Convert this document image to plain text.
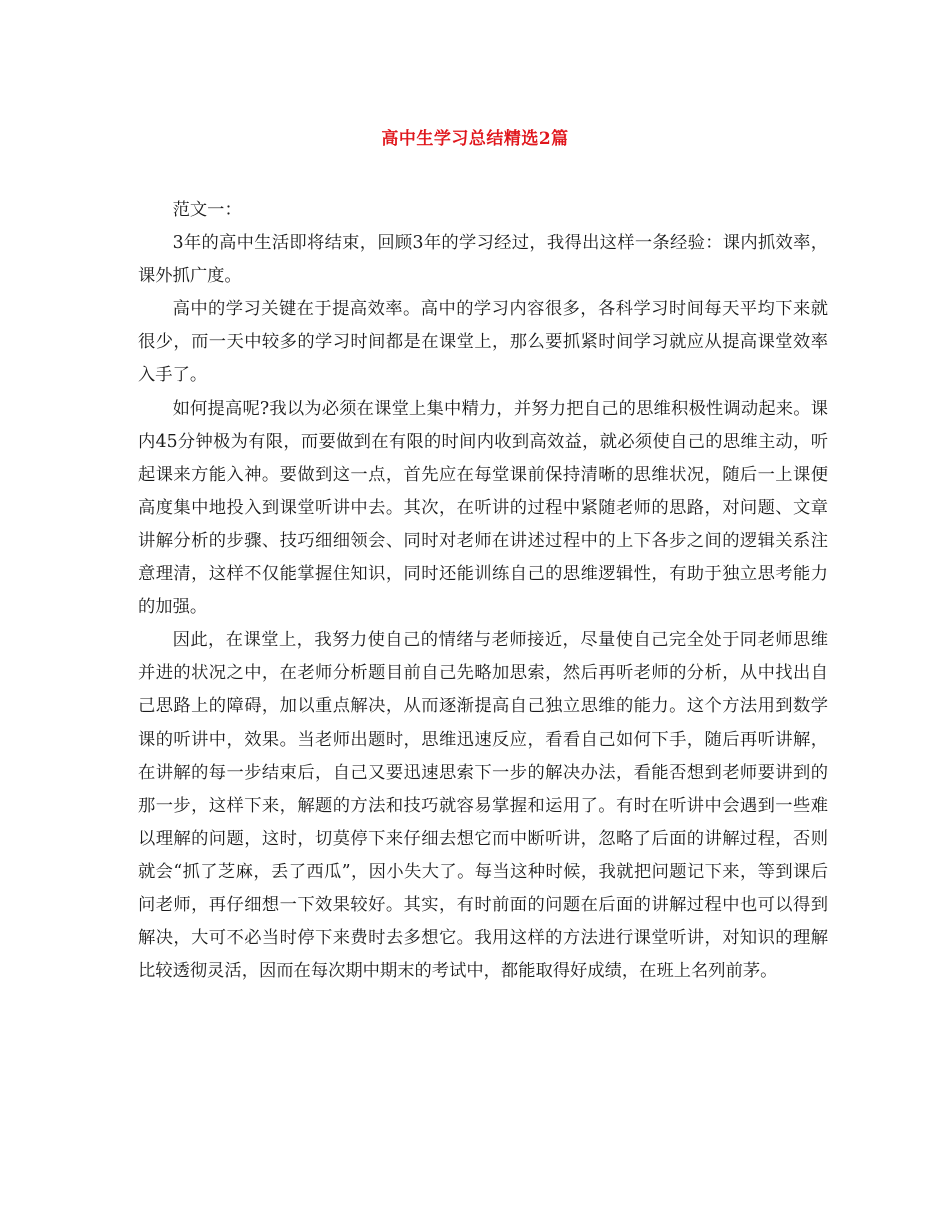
高中生学习总结精选2篇

范文一：

3年的高中生活即将结束，回顾3年的学习经过，我得出这样一条经验：课内抓效率，课外抓广度。

高中的学习关键在于提高效率。高中的学习内容很多，各科学习时间每天平均下来就很少，而一天中较多的学习时间都是在课堂上，那么要抓紧时间学习就应从提高课堂效率入手了。

如何提高呢?我以为必须在课堂上集中精力，并努力把自己的思维积极性调动起来。课内45分钟极为有限，而要做到在有限的时间内收到高效益，就必须使自己的思维主动，听起课来方能入神。要做到这一点，首先应在每堂课前保持清晰的思维状况，随后一上课便高度集中地投入到课堂听讲中去。其次，在听讲的过程中紧随老师的思路，对问题、文章讲解分析的步骤、技巧细细领会、同时对老师在讲述过程中的上下各步之间的逻辑关系注意理清，这样不仅能掌握住知识，同时还能训练自己的思维逻辑性，有助于独立思考能力的加强。

因此，在课堂上，我努力使自己的情绪与老师接近，尽量使自己完全处于同老师思维并进的状况之中，在老师分析题目前自己先略加思索，然后再听老师的分析，从中找出自己思路上的障碍，加以重点解决，从而逐渐提高自己独立思维的能力。这个方法用到数学课的听讲中，效果。当老师出题时，思维迅速反应，看看自己如何下手，随后再听讲解，在讲解的每一步结束后，自己又要迅速思索下一步的解决办法，看能否想到老师要讲到的那一步，这样下来，解题的方法和技巧就容易掌握和运用了。有时在听讲中会遇到一些难以理解的问题，这时，切莫停下来仔细去想它而中断听讲，忽略了后面的讲解过程，否则就会“抓了芝麻，丢了西瓜”，因小失大了。每当这种时候，我就把问题记下来，等到课后问老师，再仔细想一下效果较好。其实，有时前面的问题在后面的讲解过程中也可以得到解决，大可不必当时停下来费时去多想它。我用这样的方法进行课堂听讲，对知识的理解比较透彻灵活，因而在每次期中期末的考试中，都能取得好成绩，在班上名列前茅。
